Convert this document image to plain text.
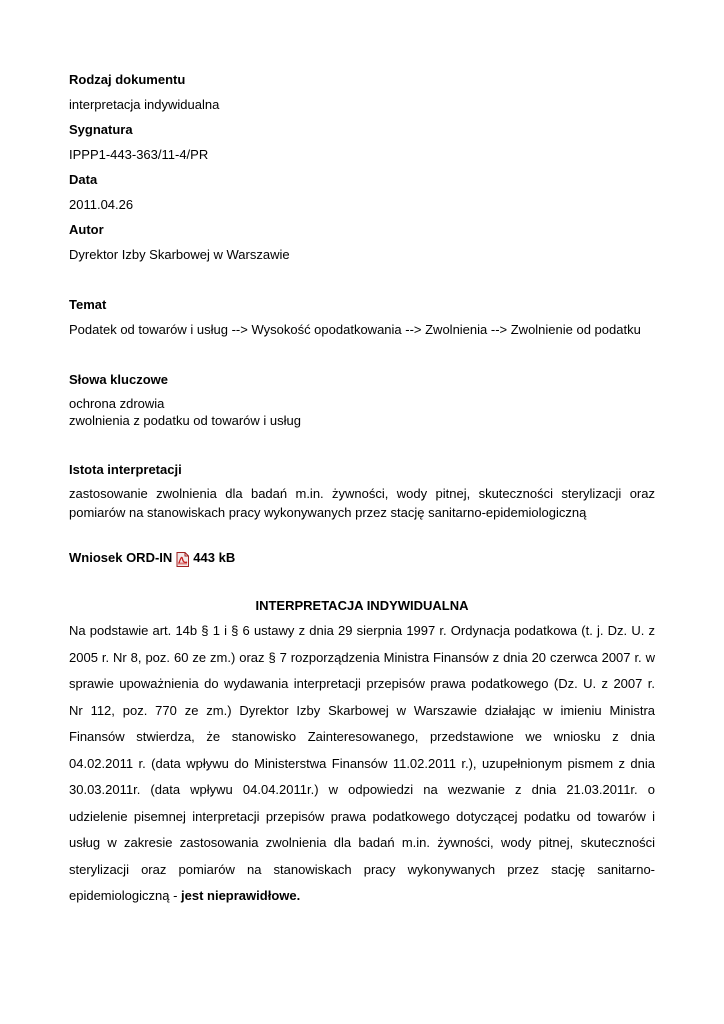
Rodzaj dokumentu
interpretacja indywidualna
Sygnatura
IPPP1-443-363/11-4/PR
Data
2011.04.26
Autor
Dyrektor Izby Skarbowej w Warszawie
Temat
Podatek od towarów i usług --> Wysokość opodatkowania --> Zwolnienia --> Zwolnienie od podatku
Słowa kluczowe
ochrona zdrowia
zwolnienia z podatku od towarów i usług
Istota interpretacji
zastosowanie zwolnienia dla badań m.in. żywności, wody pitnej, skuteczności sterylizacji oraz
pomiarów na stanowiskach pracy wykonywanych przez stację sanitarno-epidemiologiczną
Wniosek ORD-IN 443 kB
INTERPRETACJA INDYWIDUALNA
Na podstawie art. 14b § 1 i § 6 ustawy z dnia 29 sierpnia 1997 r. Ordynacja podatkowa (t. j. Dz. U. z
2005 r. Nr 8, poz. 60 ze zm.) oraz § 7 rozporządzenia Ministra Finansów z dnia 20 czerwca 2007 r. w
sprawie upoważnienia do wydawania interpretacji przepisów prawa podatkowego (Dz. U. z 2007 r.
Nr 112, poz. 770 ze zm.) Dyrektor Izby Skarbowej w Warszawie działając w imieniu Ministra
Finansów stwierdza, że stanowisko Zainteresowanego, przedstawione we wniosku z dnia
04.02.2011 r. (data wpływu do Ministerstwa Finansów 11.02.2011 r.), uzupełnionym pismem z dnia
30.03.2011r. (data wpływu 04.04.2011r.) w odpowiedzi na wezwanie z dnia 21.03.2011r. o
udzielenie pisemnej interpretacji przepisów prawa podatkowego dotyczącej podatku od towarów i
usług w zakresie zastosowania zwolnienia dla badań m.in. żywności, wody pitnej, skuteczności
sterylizacji oraz pomiarów na stanowiskach pracy wykonywanych przez stację sanitarno-
epidemiologiczną - jest nieprawidłowe.
